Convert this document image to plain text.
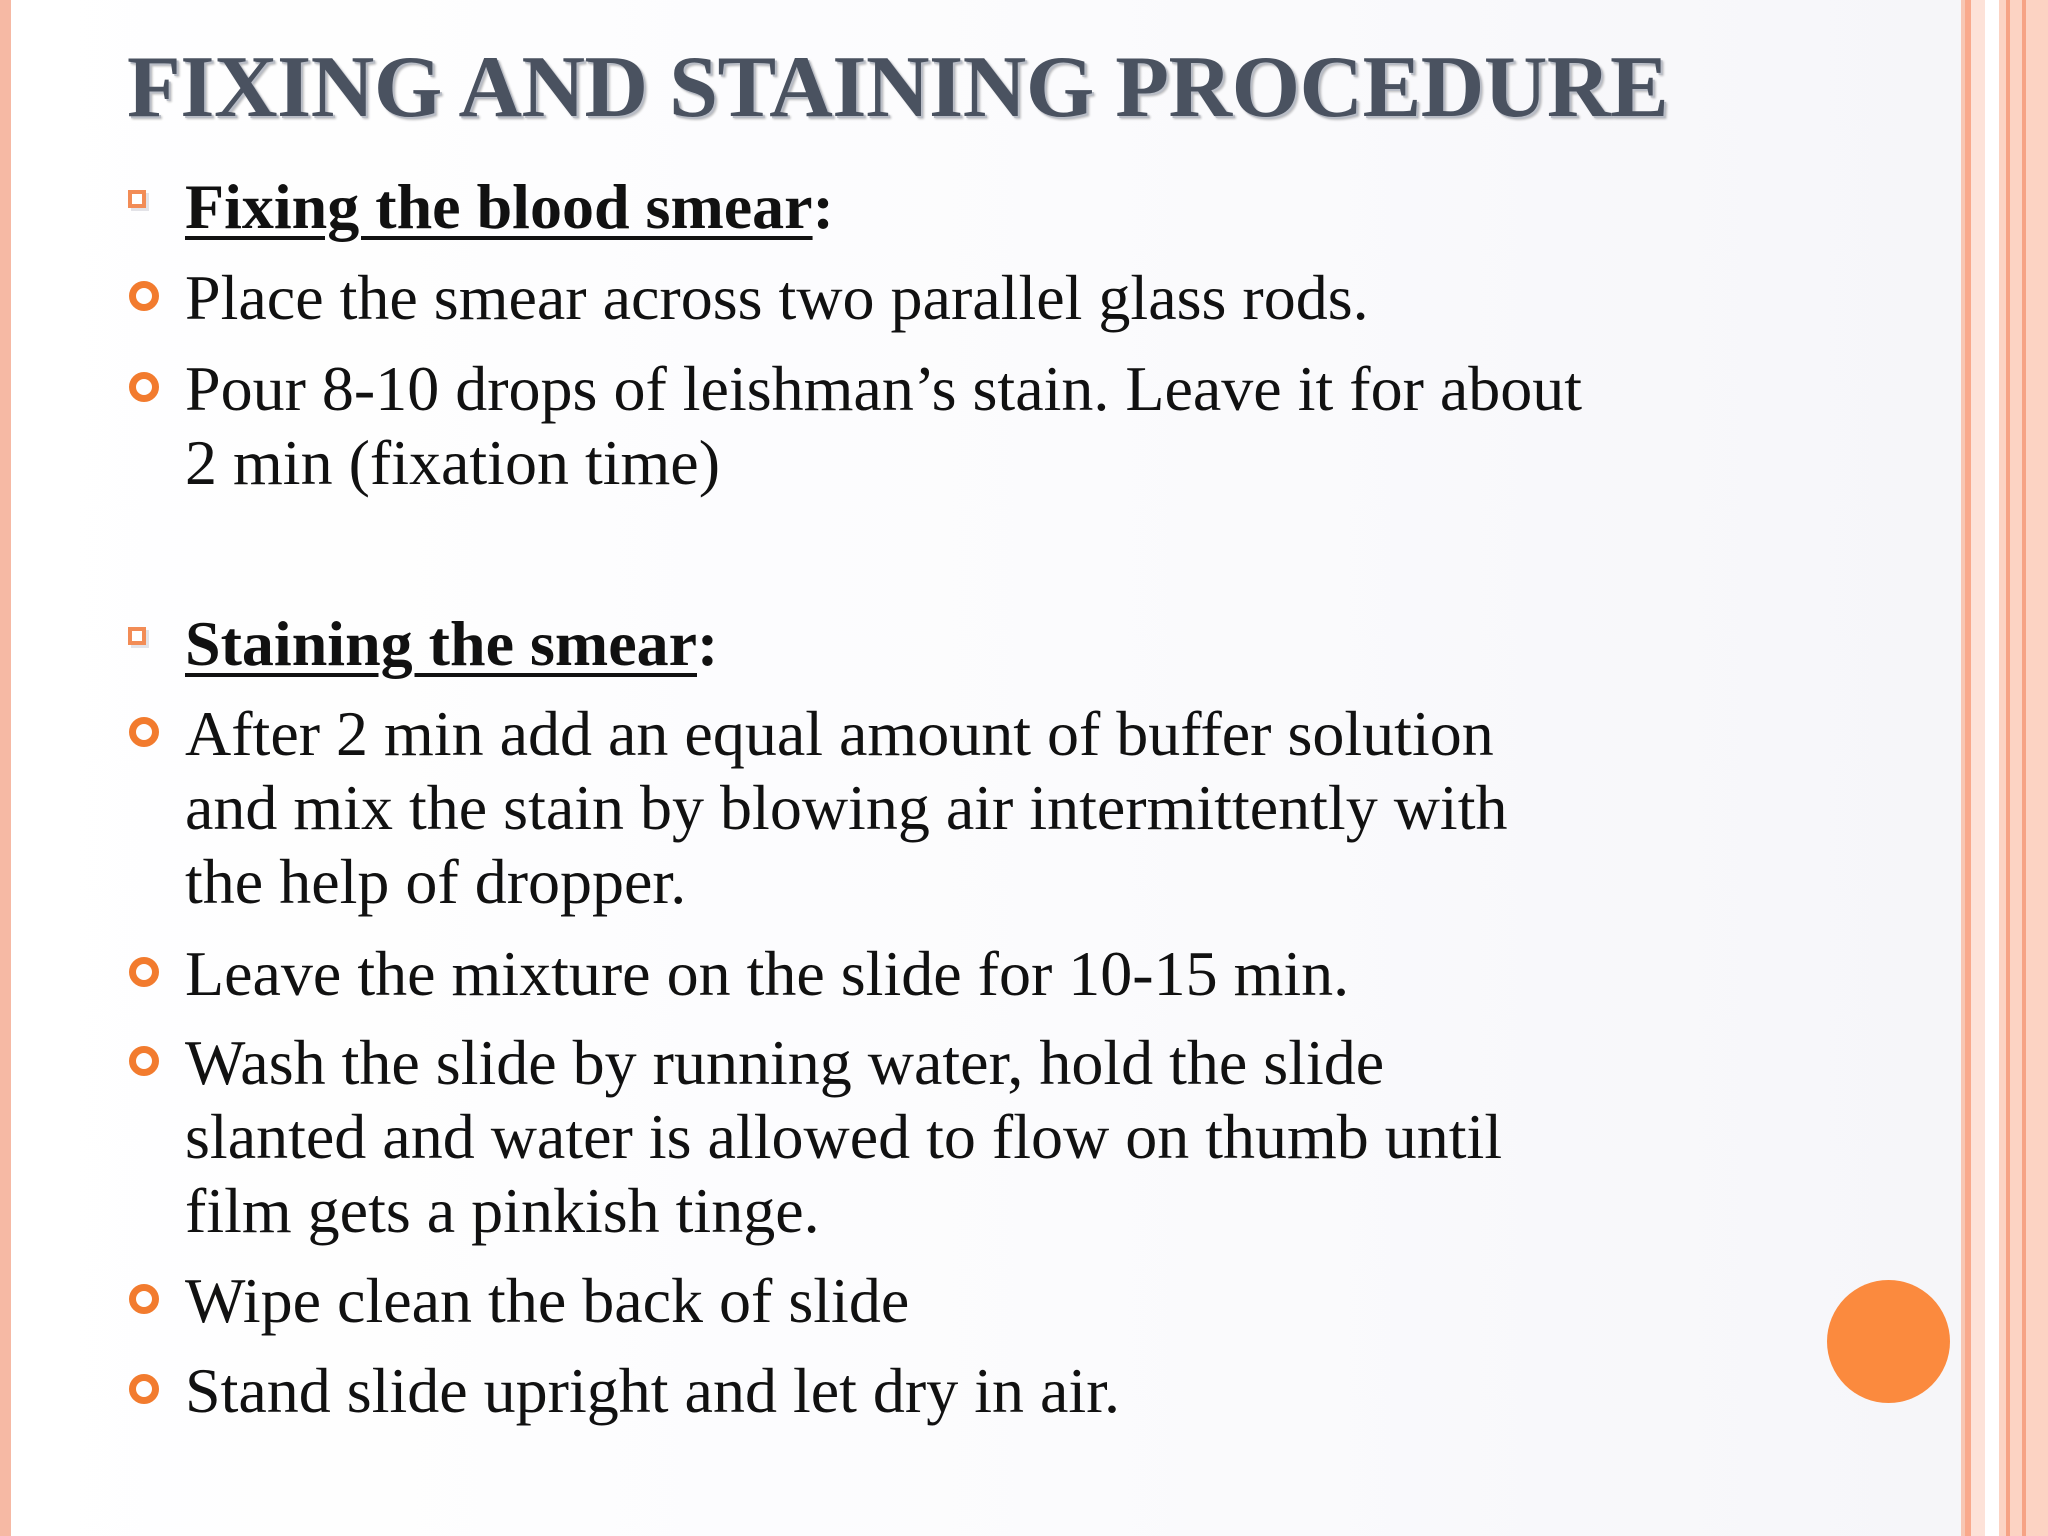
FIXING AND STAINING PROCEDURE
Fixing the blood smear:
Place the smear across two parallel glass rods.
Pour 8-10 drops of leishman’s stain. Leave it for about
2 min (fixation time)
Staining the smear:
After 2 min add an equal amount of buffer solution
and mix the stain by blowing air intermittently with
the help of dropper.
Leave the mixture on the slide for 10-15 min.
Wash the slide by running water, hold the slide
slanted and water is allowed to flow on thumb until
film gets a pinkish tinge.
Wipe clean the back of slide
Stand slide upright and let dry in air.
